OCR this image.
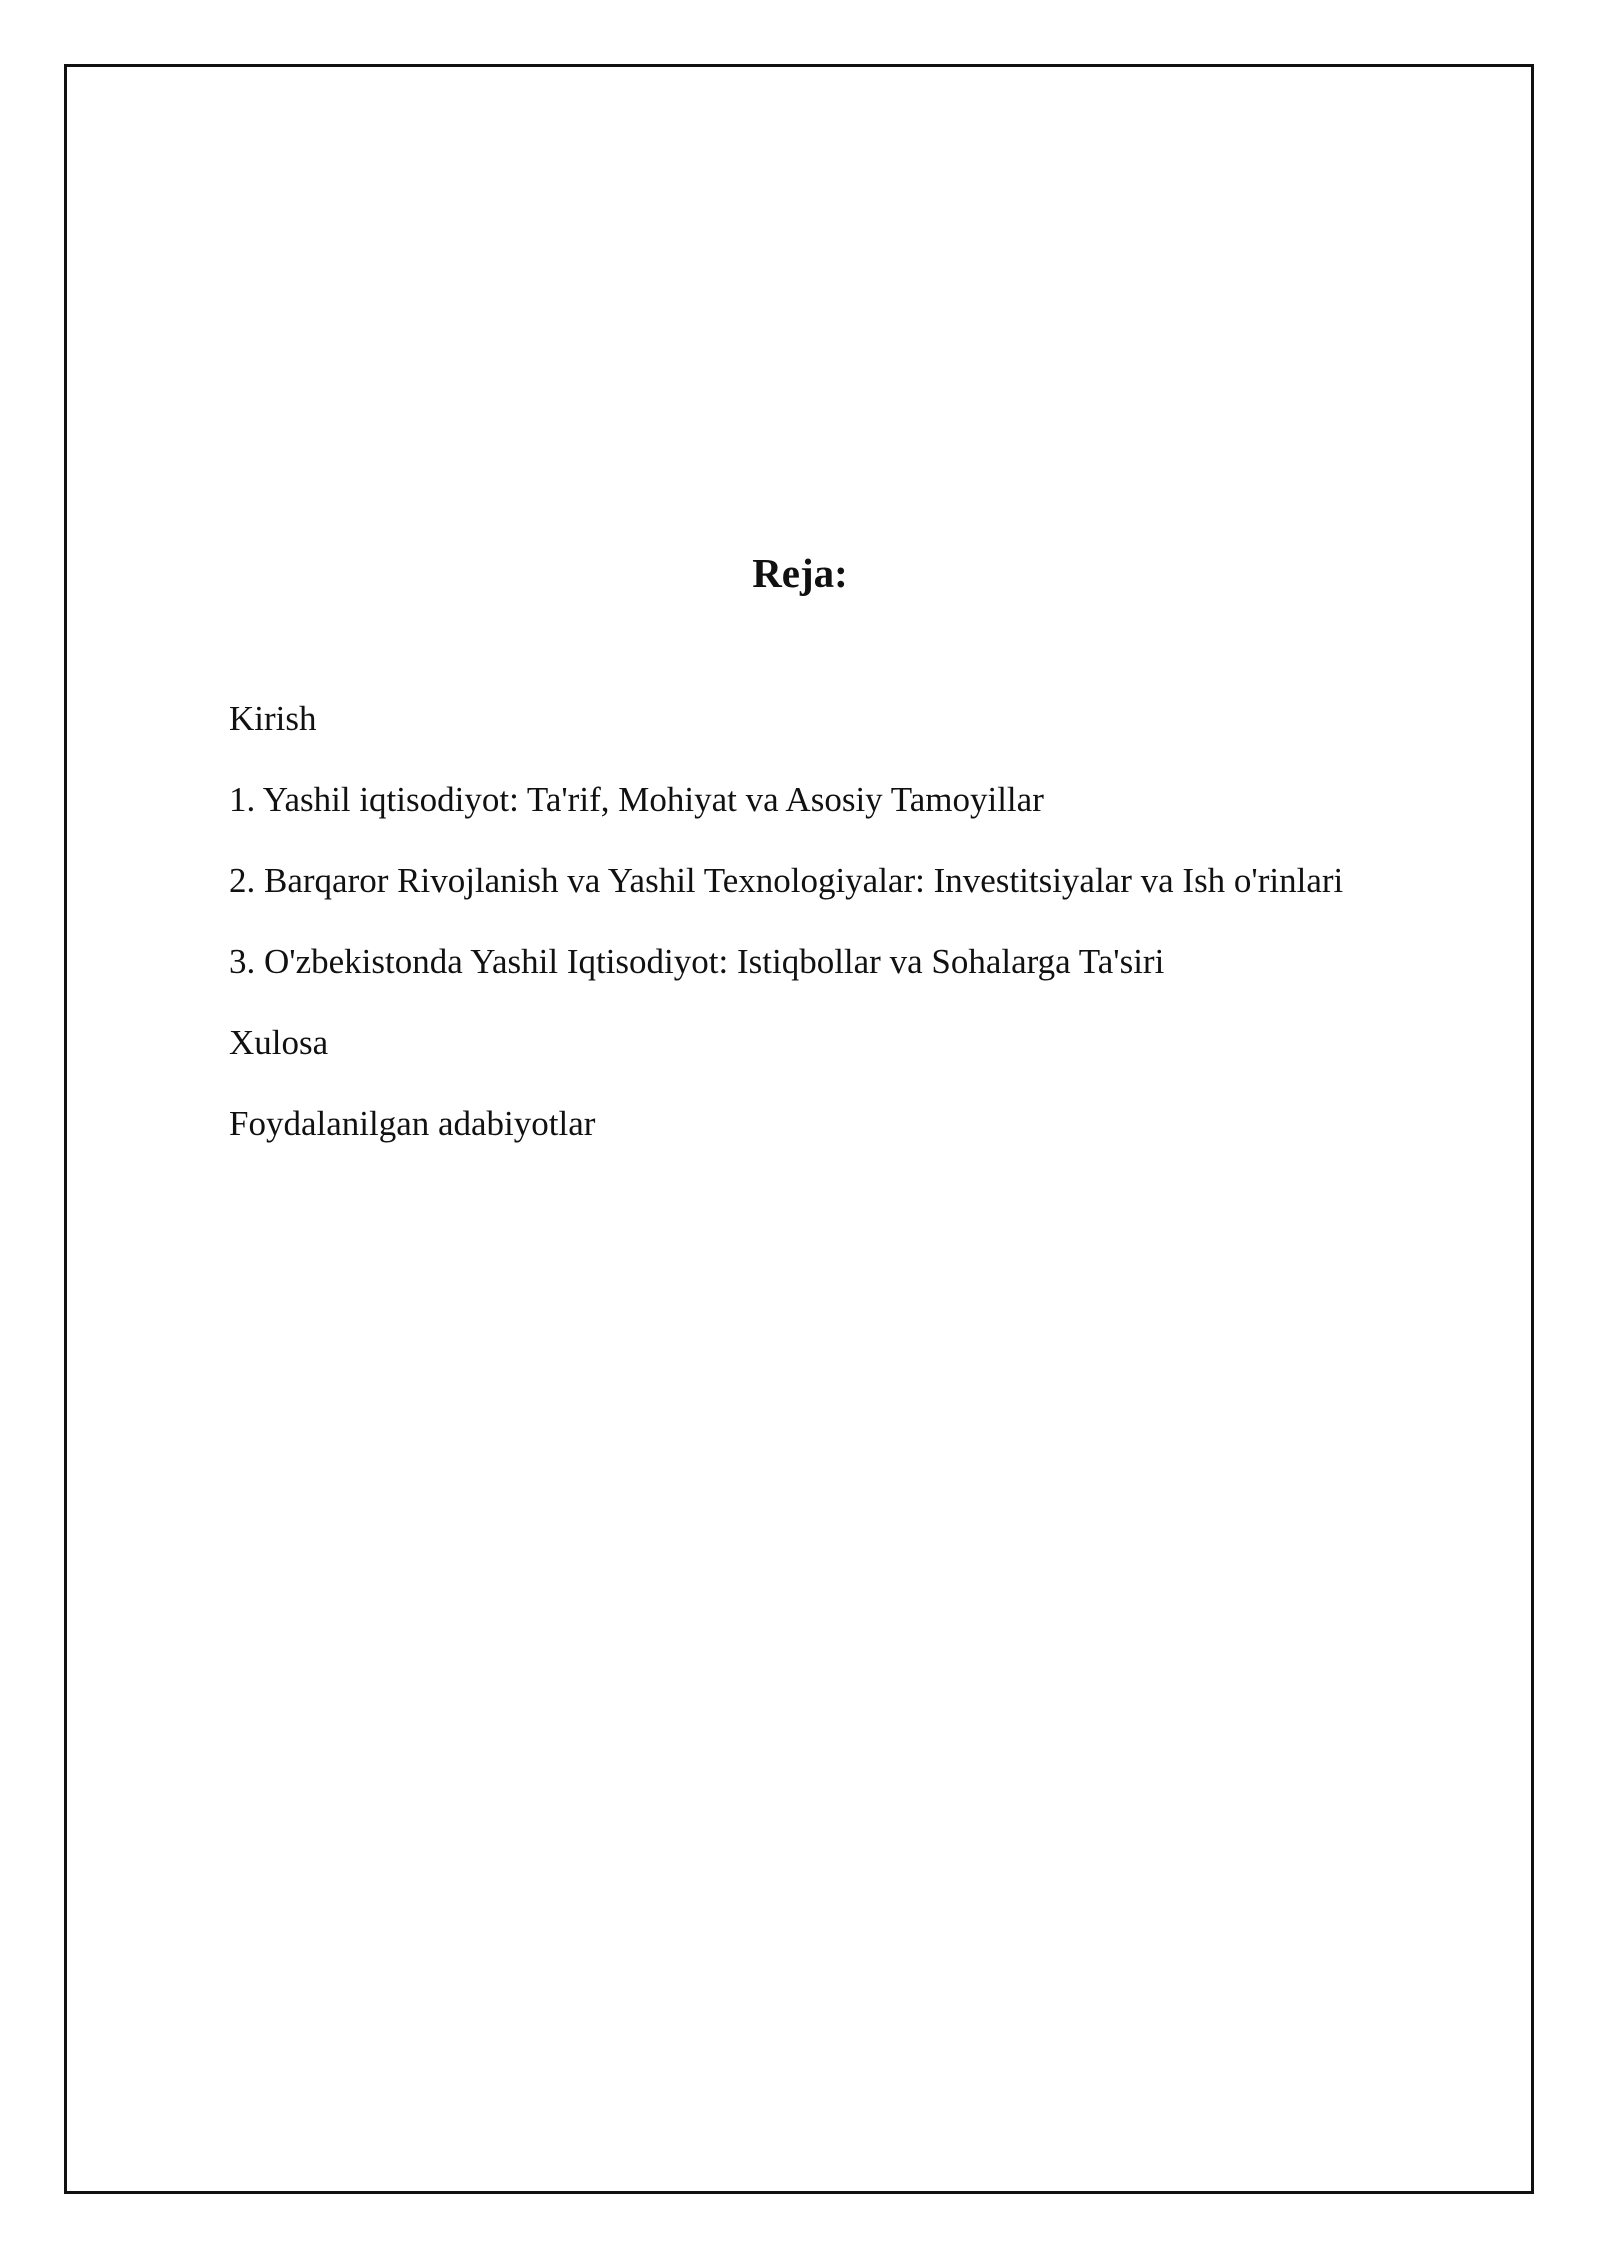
Reja:
Kirish
1. Yashil iqtisodiyot: Ta'rif, Mohiyat va Asosiy Tamoyillar
2. Barqaror Rivojlanish va Yashil Texnologiyalar: Investitsiyalar va Ish o'rinlari
3. O'zbekistonda Yashil Iqtisodiyot: Istiqbollar va Sohalarga Ta'siri
Xulosa
Foydalanilgan adabiyotlar
